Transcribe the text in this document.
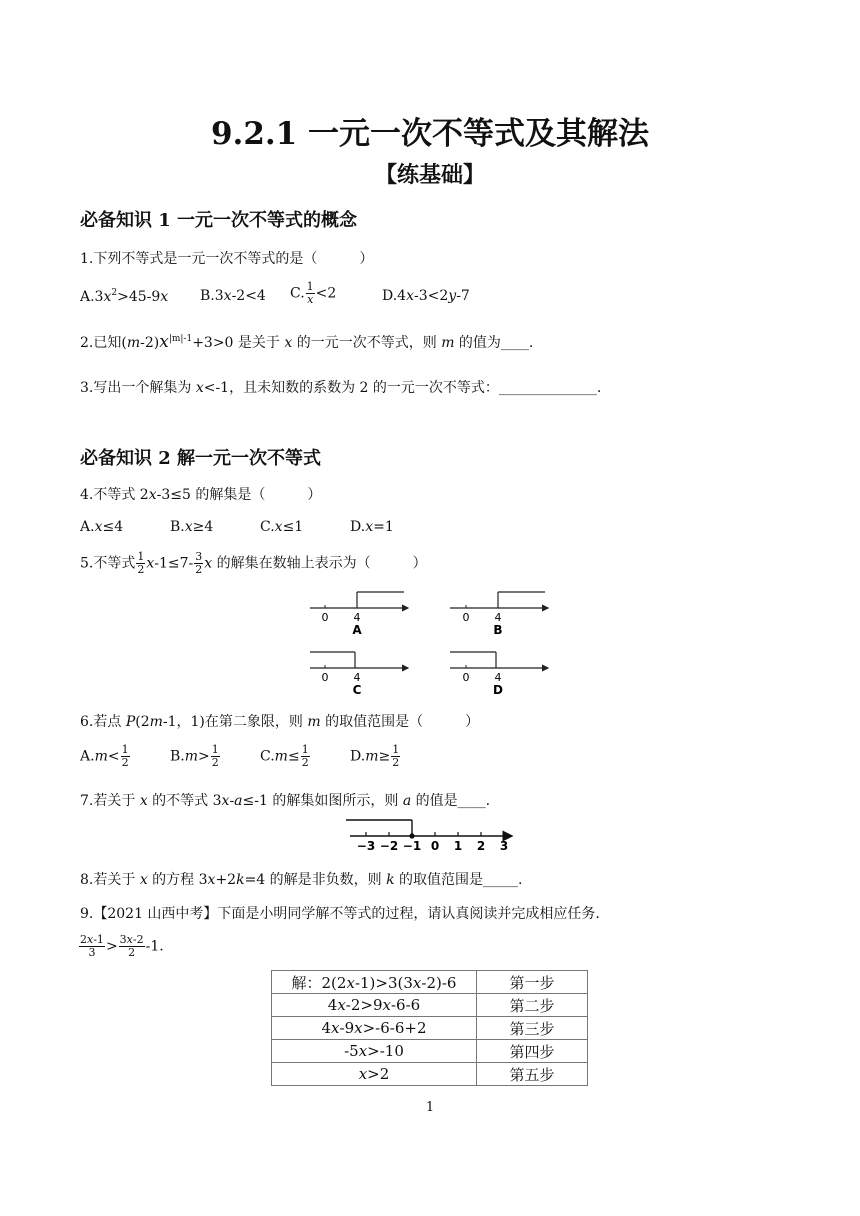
9.2.1 一元一次不等式及其解法
【练基础】
必备知识 1 一元一次不等式的概念
1.下列不等式是一元一次不等式的是（　　　）
$A.3x^2>45-9x$ B.3x-2<4 C. $\frac{1}{x} <2$	D.4x-3<2y-7
2.已知$(m-2)x^{|m|-1}+3>0$ 是关于 x 的一元一次不等式，则 m 的值为____.
3.写出一个解集为 x<-1，且未知数的系数为 2 的一元一次不等式：______________.
必备知识 2 解一元一次不等式
4.不等式 2x-3≤5 的解集是（　　　）
A.x≤4	B.x≥4	C.x≤1	D.x=1
5.不等式 $\frac{1}{2} x-1\le 7- \frac{3}{2}$ x 的解集在数轴上表示为（　　　）
0 4
A
0 4
B
0 4
C
0 4
D
6.若点 P(2m-1，1)在第二象限，则 m 的取值范围是（　　　）
$A.m< \frac{1}{2}$	$B.m> \frac{1}{2}$	$C.m\le \frac{1}{2}$	$D.m\ge \frac{1}{2}$
7.若关于 x 的不等式 3x-a≤-1 的解集如图所示，则 a 的值是____.
−3 −2 −1 0 1 2 3
8.若关于 x 的方程 3x+2k=4 的解是非负数，则 k 的取值范围是_____.
9.【2021 山西中考】下面是小明同学解不等式的过程，请认真阅读并完成相应任务.
$\frac{2x-1}{3} > \frac{3x-2}{2} -1$.
解：2(2x-1)>3(3x-2)-6	第一步
4x-2>9x-6-6	第二步
4x-9x>-6-6+2	第三步
-5x>-10	第四步
x>2	第五步
1
